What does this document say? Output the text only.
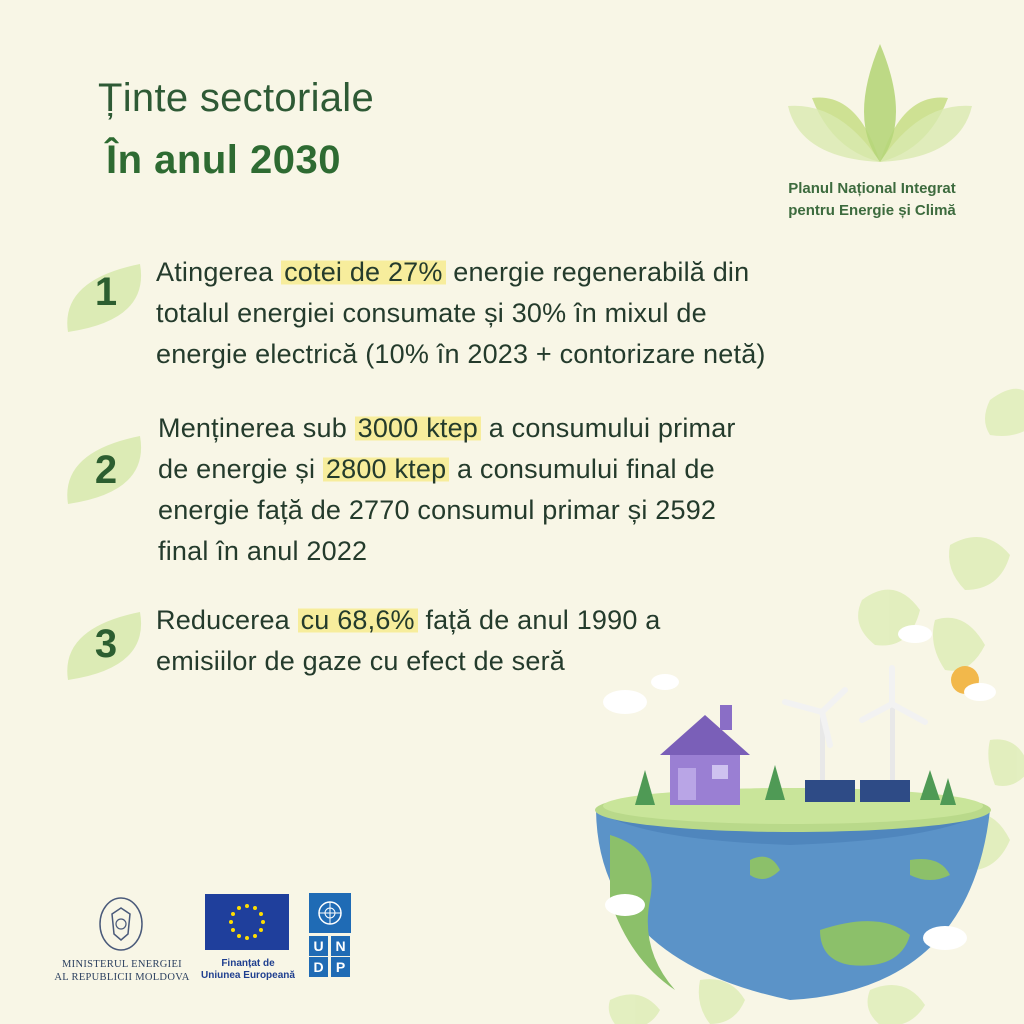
Ținte sectoriale
În anul 2030
Planul Național Integrat
pentru Energie și Climă
1	Atingerea cotei de 27% energie regenerabilă din
totalul energiei consumate și 30% în mixul de
energie electrică (10% în 2023 + contorizare netă)
2
Menținerea sub 3000 ktep a consumului primar
de energie și 2800 ktep a consumului final de
energie față de 2770 consumul primar și 2592
final în anul 2022
3
Reducerea cu 68,6% față de anul 1990 a
emisiilor de gaze cu efect de seră
MINISTERUL ENERGIEI
AL REPUBLICII MOLDOVA
Finanțat de
Uniunea Europeană
U N
D P
